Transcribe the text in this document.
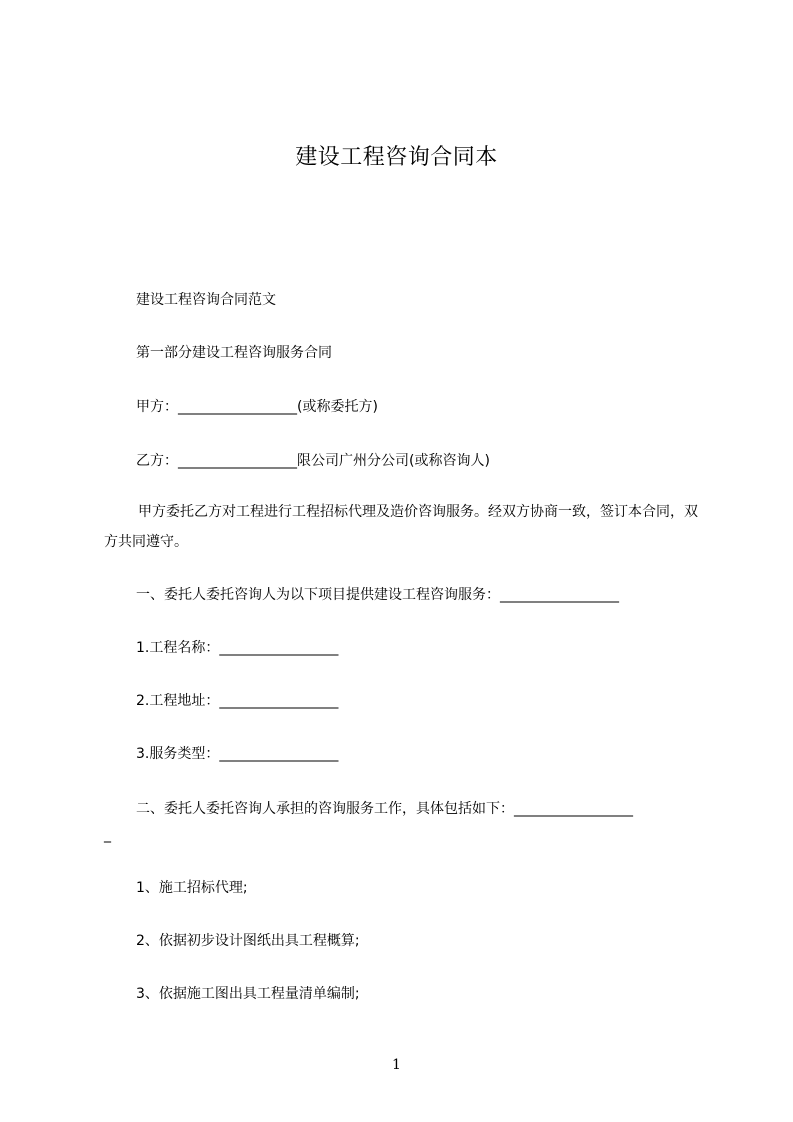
建设工程咨询合同本
建设工程咨询合同范文
第一部分建设工程咨询服务合同
甲方：_________________(或称委托方)
乙方：_________________限公司广州分公司(或称咨询人)
甲方委托乙方对工程进行工程招标代理及造价咨询服务。经双方协商一致，签订本合同，双方共同遵守。
一、委托人委托咨询人为以下项目提供建设工程咨询服务：_________________
1.工程名称：_________________
2.工程地址：_________________
3.服务类型：_________________
二、委托人委托咨询人承担的咨询服务工作，具体包括如下：_________________
_
1、施工招标代理;
2、依据初步设计图纸出具工程概算;
3、依据施工图出具工程量清单编制;
1
